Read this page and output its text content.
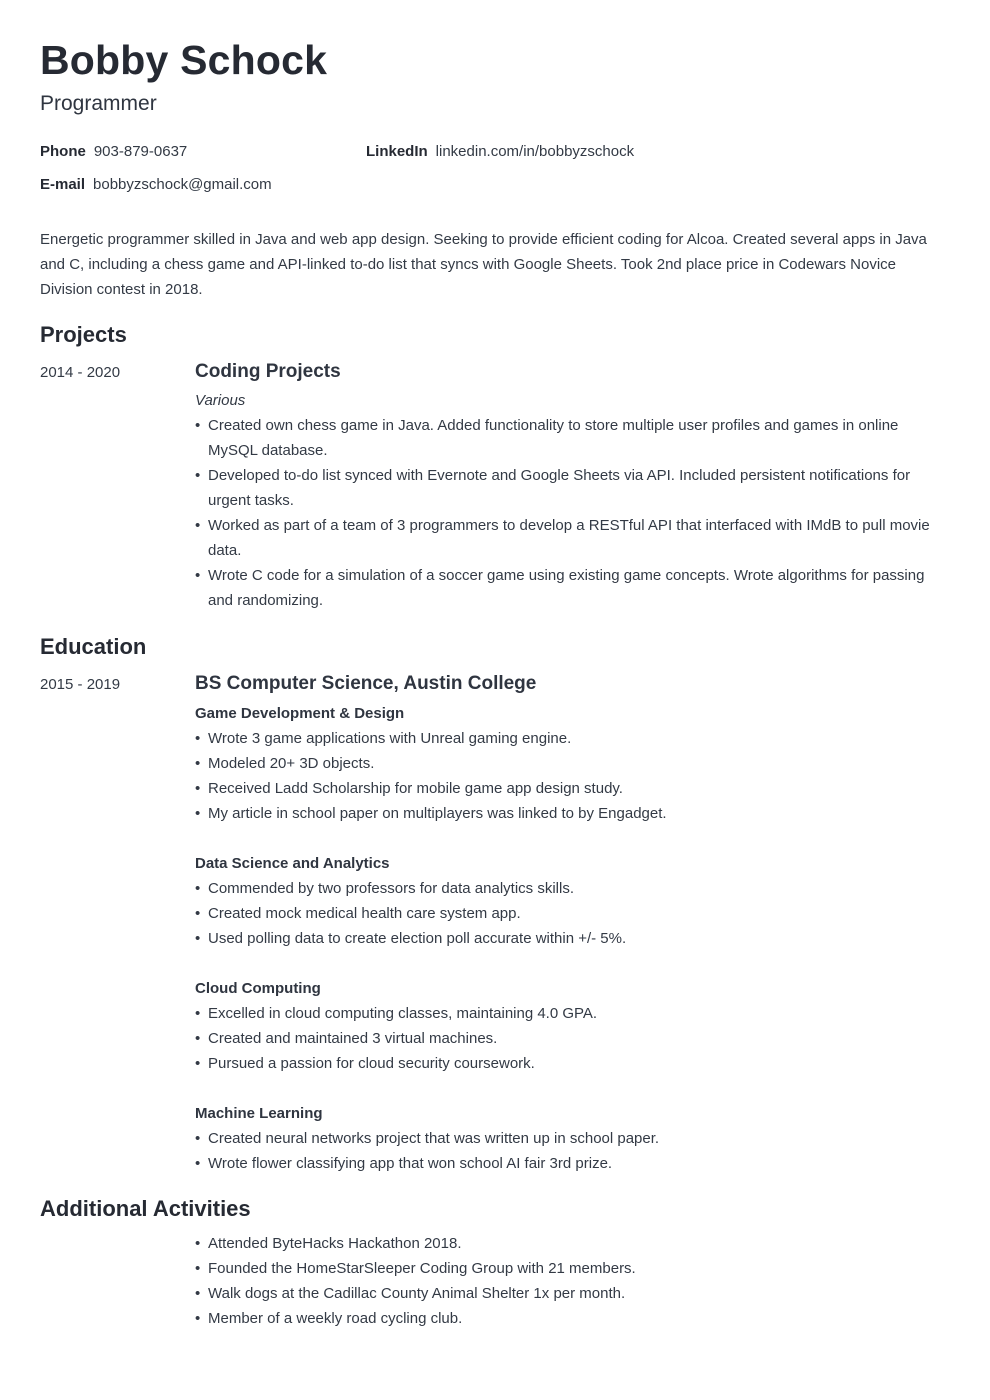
Bobby Schock
Programmer
Phone 903-879-0637	LinkedIn linkedin.com/in/bobbyzschock
E-mail bobbyzschock@gmail.com

Energetic programmer skilled in Java and web app design. Seeking to provide efficient coding for Alcoa. Created several apps in Java and C, including a chess game and API-linked to-do list that syncs with Google Sheets. Took 2nd place price in Codewars Novice Division contest in 2018.

Projects
2014 - 2020	Coding Projects
Various
• Created own chess game in Java. Added functionality to store multiple user profiles and games in online MySQL database.
• Developed to-do list synced with Evernote and Google Sheets via API. Included persistent notifications for urgent tasks.
• Worked as part of a team of 3 programmers to develop a RESTful API that interfaced with IMdB to pull movie data.
• Wrote C code for a simulation of a soccer game using existing game concepts. Wrote algorithms for passing and randomizing.
Education
2015 - 2019	BS Computer Science, Austin College
Game Development & Design
• Wrote 3 game applications with Unreal gaming engine.
• Modeled 20+ 3D objects.
• Received Ladd Scholarship for mobile game app design study.
• My article in school paper on multiplayers was linked to by Engadget.
Data Science and Analytics
• Commended by two professors for data analytics skills.
• Created mock medical health care system app.
• Used polling data to create election poll accurate within +/- 5%.
Cloud Computing
• Excelled in cloud computing classes, maintaining 4.0 GPA.
• Created and maintained 3 virtual machines.
• Pursued a passion for cloud security coursework.
Machine Learning
• Created neural networks project that was written up in school paper.
• Wrote flower classifying app that won school AI fair 3rd prize.
Additional Activities
• Attended ByteHacks Hackathon 2018.
• Founded the HomeStarSleeper Coding Group with 21 members.
• Walk dogs at the Cadillac County Animal Shelter 1x per month.
• Member of a weekly road cycling club.
